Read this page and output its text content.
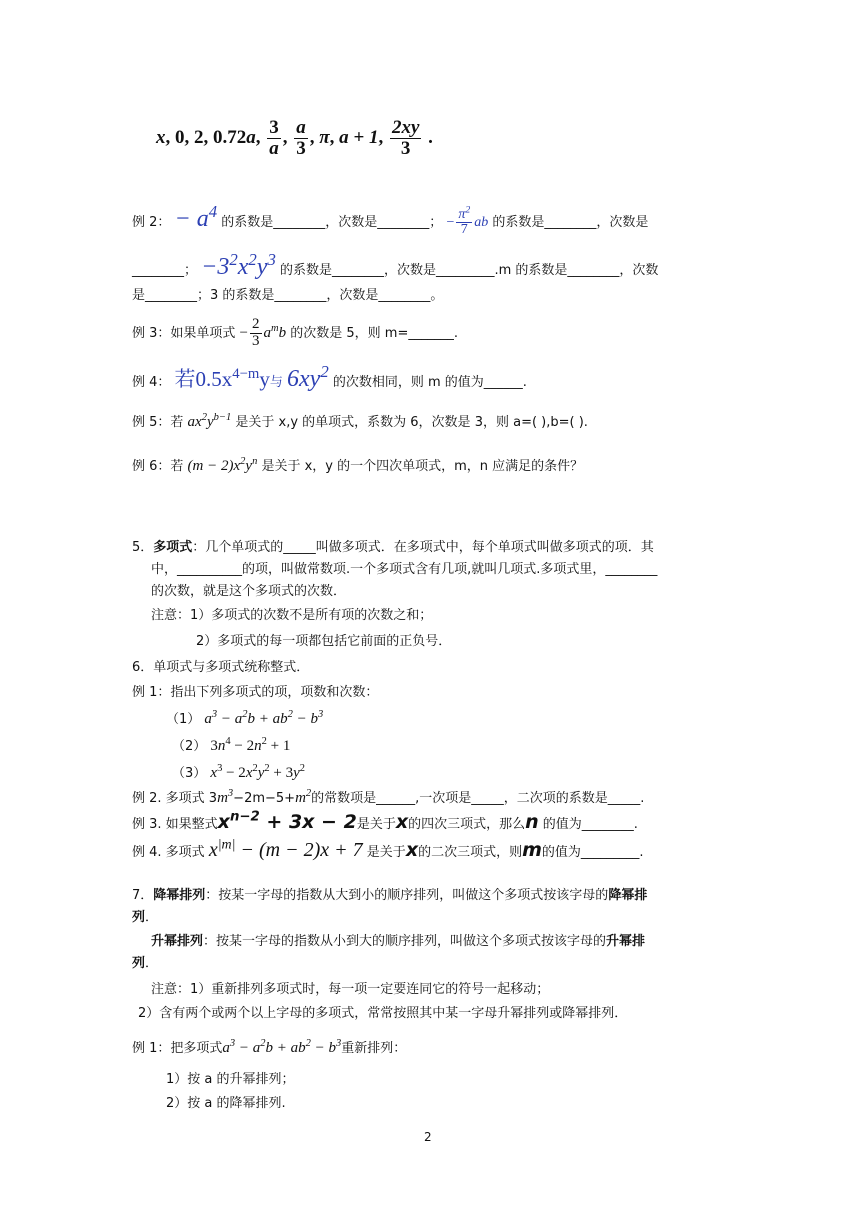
x, 0, 2, 0.72a, $\frac{3}{a}$ , $\frac{a}{3}$ , π, a + 1, $\frac{2xy}{3}$ .
例 2： − $a^4$ 的系数是________，次数是________； − $\frac{\pi^2}{7}$ ab 的系数是________，次数是
________； $-3^2x^2y^3$ 的系数是________，次数是_________.m 的系数是________，次数
是________；3 的系数是________，次数是________。
例 3：如果单项式 − $\frac{2}{3} a^mb$ 的次数是 5，则 m=_______.
例 4： 若$0.5x^{4-m}y$与 $6xy^2$ 的次数相同，则 m 的值为______.
例 5：若 $ax^2y^{b-1}$ 是关于 x,y 的单项式，系数为 6，次数是 3，则 a=( ),b=( ).
例 6：若 $(m - 2)x^2y^n$ 是关于 x，y 的一个四次单项式，m，n 应满足的条件？
5．多项式：几个单项式的_____叫做多项式．在多项式中，每个单项式叫做多项式的项．其
中，__________的项，叫做常数项.一个多项式含有几项,就叫几项式.多项式里，________
的次数，就是这个多项式的次数．
注意：1）多项式的次数不是所有项的次数之和；
2）多项式的每一项都包括它前面的正负号．
6．单项式与多项式统称整式．
例 1：指出下列多项式的项，项数和次数：
（1） $a^3 - a^2b + ab^2 - b^3$
（2） $3n^4 - 2n^2 + 1$
（3） $x^3 - 2x^2y^2 + 3y^2$
例 2. 多项式 $3m^3-2m-5+m^2$的常数项是______,一次项是_____，二次项的系数是_____.
例 3. 如果整式$x^{n-2} + 3x - 2$是关于x的四次三项式，那么n 的值为________.
例 4. 多项式 $x^{|m|} - (m - 2)x + 7$ 是关于x的二次三项式，则m的值为_________.
7．降幂排列：按某一字母的指数从大到小的顺序排列，叫做这个多项式按该字母的降幂排
列．
升幂排列：按某一字母的指数从小到大的顺序排列，叫做这个多项式按该字母的升幂排
列．
注意：1）重新排列多项式时，每一项一定要连同它的符号一起移动；
2）含有两个或两个以上字母的多项式，常常按照其中某一字母升幂排列或降幂排列．
例 1：把多项式$a^3 - a^2b + ab^2 - b^3$重新排列：
1）按 a 的升幂排列；
2）按 a 的降幂排列.
2
